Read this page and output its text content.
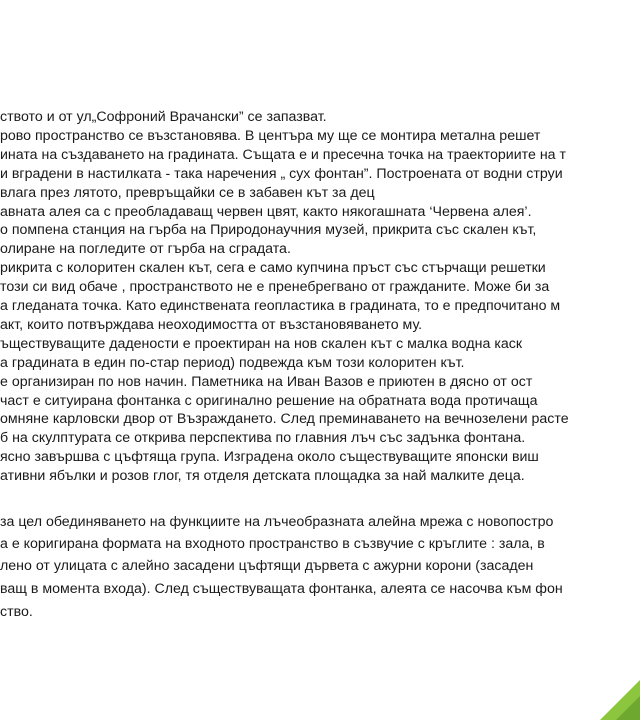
ството и от ул„Софроний Врачански” се запазват.
рово пространство се възстановява. В центъра му ще се монтира метална решет
ината на създаването на градината. Същата е и пресечна точка на траекториите на т
и вградени в настилката - така наречения „ сух фонтан”. Построената от водни струи
влага през лятото, превръщайки се в забавен кът за дец
авната алея са с преобладаващ червен цвят, както някогашната ‘Червена алея’.
о помпена станция на гърба на Природонаучния музей, прикрита със скален кът,
олиране на погледите от гърба на сградата.
рикрита с колоритен скален кът, сега е само купчина пръст със стърчащи решетки
този си вид обаче , пространството не е пренебрегвано от гражданите. Може би за
а гледаната точка. Като единствената геопластика в градината, то е предпочитано м
акт, които потвърждава неоходимостта от възстановяването му.
ъществуващите дадености е проектиран на нов скален кът с малка водна каск
а градината в един по-стар период) подвежда към този колоритен кът.
е организиран по нов начин. Паметника на Иван Вазов е приютен в дясно от ост
част е ситуирана фонтанка с оригинално решение на обратната вода протичаща
омняне карловски двор от Възраждането. След преминаването на вечнозелени расте
б на скулптурата се открива перспектива по главния лъч със задънка фонтана.
ясно завършва с цъфтяща група. Изградена около съществуващите японски виш
ативни ябълки и розов глог, тя отделя детската площадка за най малките деца.
за цел обединяването на функциите на лъчеобразната алейна мрежа с новопостро
а е коригирана формата на входното пространство в съзвучие с кръглите : зала, в
лено от улицата с алейно засадени цъфтящи дървета с ажурни корони (засаден
ващ в момента входа). След съществуващата фонтанка, алеята се насочва към фон
ство.
